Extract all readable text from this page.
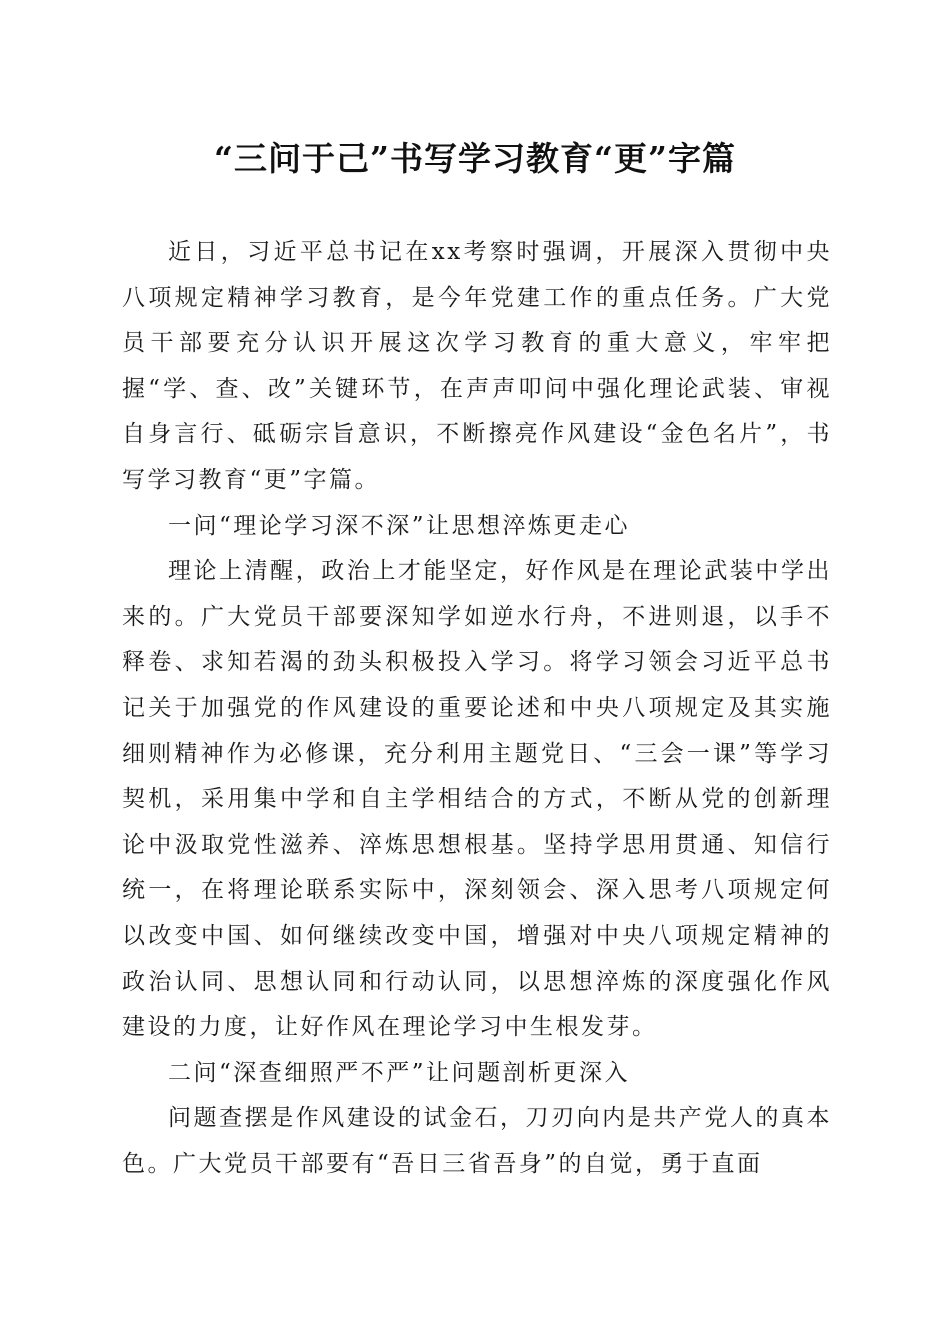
“三问于己”书写学习教育“更”字篇

近日，习近平总书记在xx考察时强调，开展深入贯彻中央八项规定精神学习教育，是今年党建工作的重点任务。广大党员干部要充分认识开展这次学习教育的重大意义，牢牢把握“学、查、改”关键环节，在声声叩问中强化理论武装、审视自身言行、砥砺宗旨意识，不断擦亮作风建设“金色名片”，书写学习教育“更”字篇。

一问“理论学习深不深”让思想淬炼更走心

理论上清醒，政治上才能坚定，好作风是在理论武装中学出来的。广大党员干部要深知学如逆水行舟，不进则退，以手不释卷、求知若渴的劲头积极投入学习。将学习领会习近平总书记关于加强党的作风建设的重要论述和中央八项规定及其实施细则精神作为必修课，充分利用主题党日、“三会一课”等学习契机，采用集中学和自主学相结合的方式，不断从党的创新理论中汲取党性滋养、淬炼思想根基。坚持学思用贯通、知信行统一，在将理论联系实际中，深刻领会、深入思考八项规定何以改变中国、如何继续改变中国，增强对中央八项规定精神的政治认同、思想认同和行动认同，以思想淬炼的深度强化作风建设的力度，让好作风在理论学习中生根发芽。

二问“深查细照严不严”让问题剖析更深入

问题查摆是作风建设的试金石，刀刃向内是共产党人的真本色。广大党员干部要有“吾日三省吾身”的自觉，勇于直面
